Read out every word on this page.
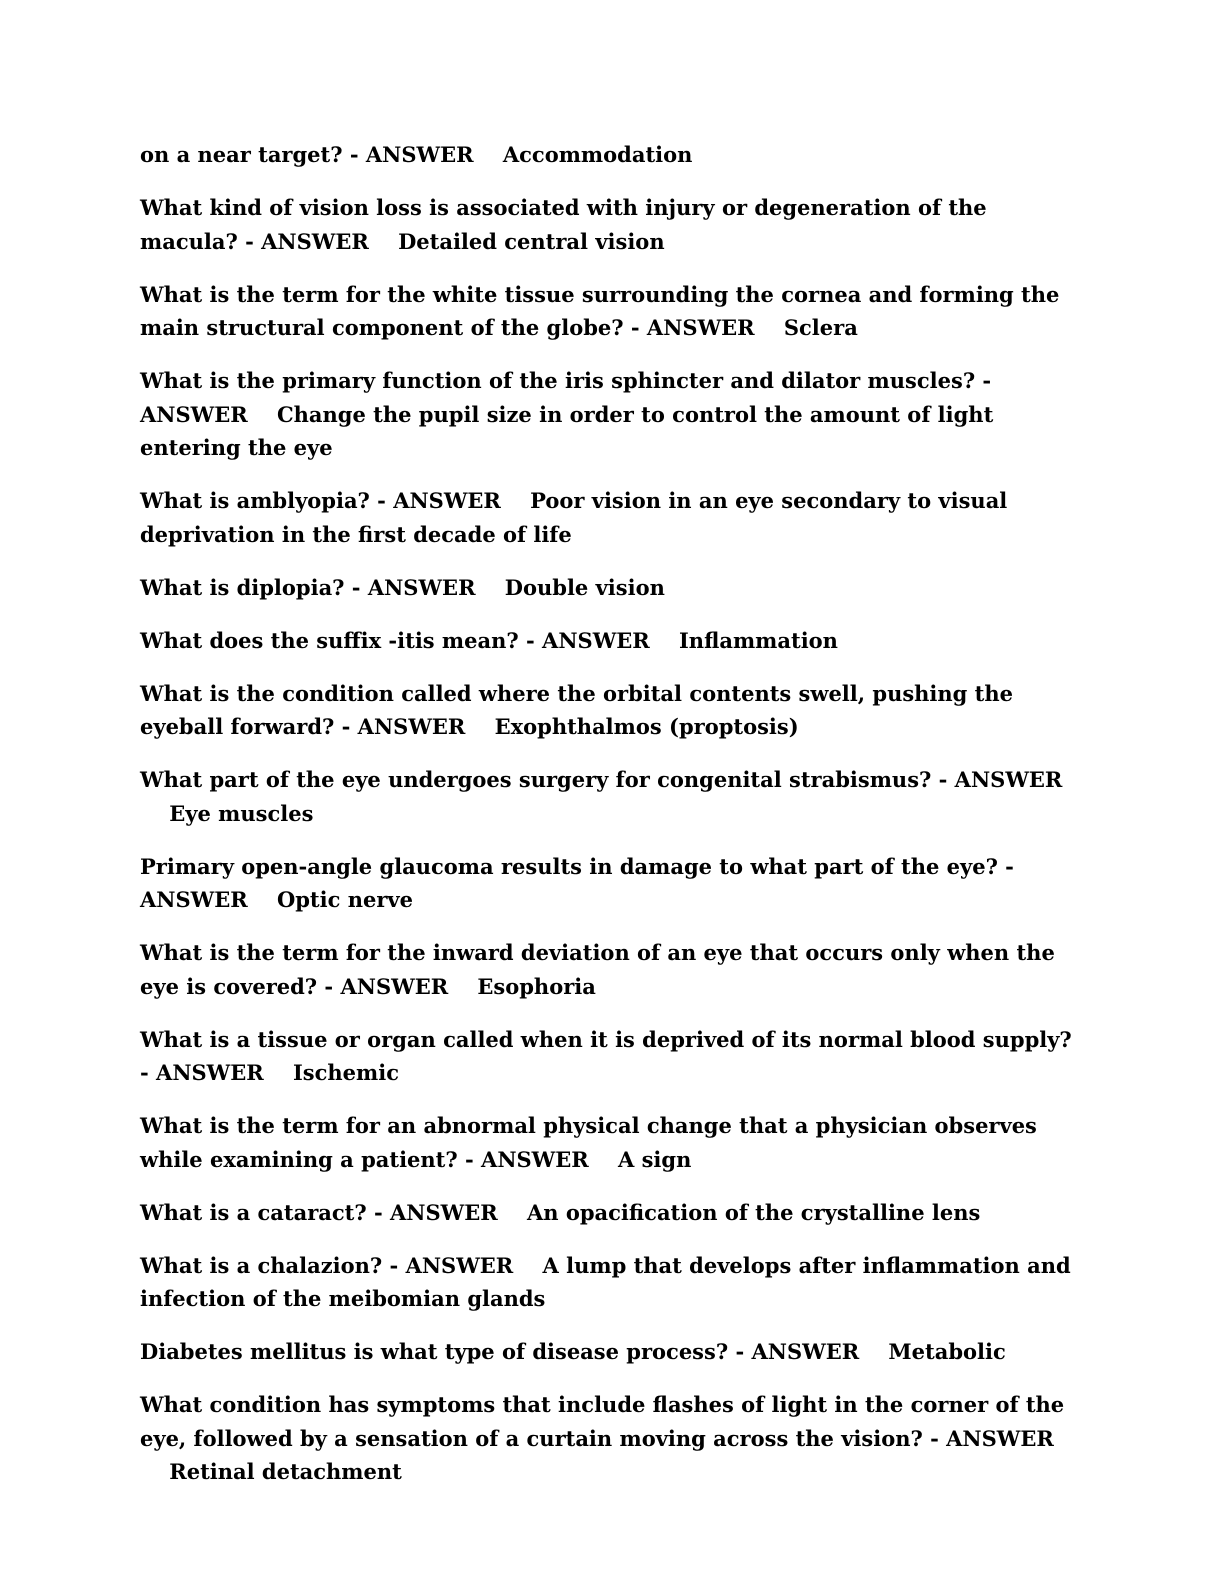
on a near target? - ANSWER Accommodation

What kind of vision loss is associated with injury or degeneration of the macula? - ANSWER Detailed central vision

What is the term for the white tissue surrounding the cornea and forming the main structural component of the globe? - ANSWER Sclera

What is the primary function of the iris sphincter and dilator muscles? - ANSWER Change the pupil size in order to control the amount of light entering the eye

What is amblyopia? - ANSWER Poor vision in an eye secondary to visual deprivation in the first decade of life

What is diplopia? - ANSWER Double vision

What does the suffix -itis mean? - ANSWER Inflammation

What is the condition called where the orbital contents swell, pushing the eyeball forward? - ANSWER Exophthalmos (proptosis)

What part of the eye undergoes surgery for congenital strabismus? - ANSWER    Eye muscles

Primary open-angle glaucoma results in damage to what part of the eye? - ANSWER Optic nerve

What is the term for the inward deviation of an eye that occurs only when the eye is covered? - ANSWER Esophoria

What is a tissue or organ called when it is deprived of its normal blood supply? - ANSWER Ischemic

What is the term for an abnormal physical change that a physician observes while examining a patient? - ANSWER A sign

What is a cataract? - ANSWER An opacification of the crystalline lens

What is a chalazion? - ANSWER A lump that develops after inflammation and infection of the meibomian glands

Diabetes mellitus is what type of disease process? - ANSWER Metabolic

What condition has symptoms that include flashes of light in the corner of the eye, followed by a sensation of a curtain moving across the vision? - ANSWER    Retinal detachment
